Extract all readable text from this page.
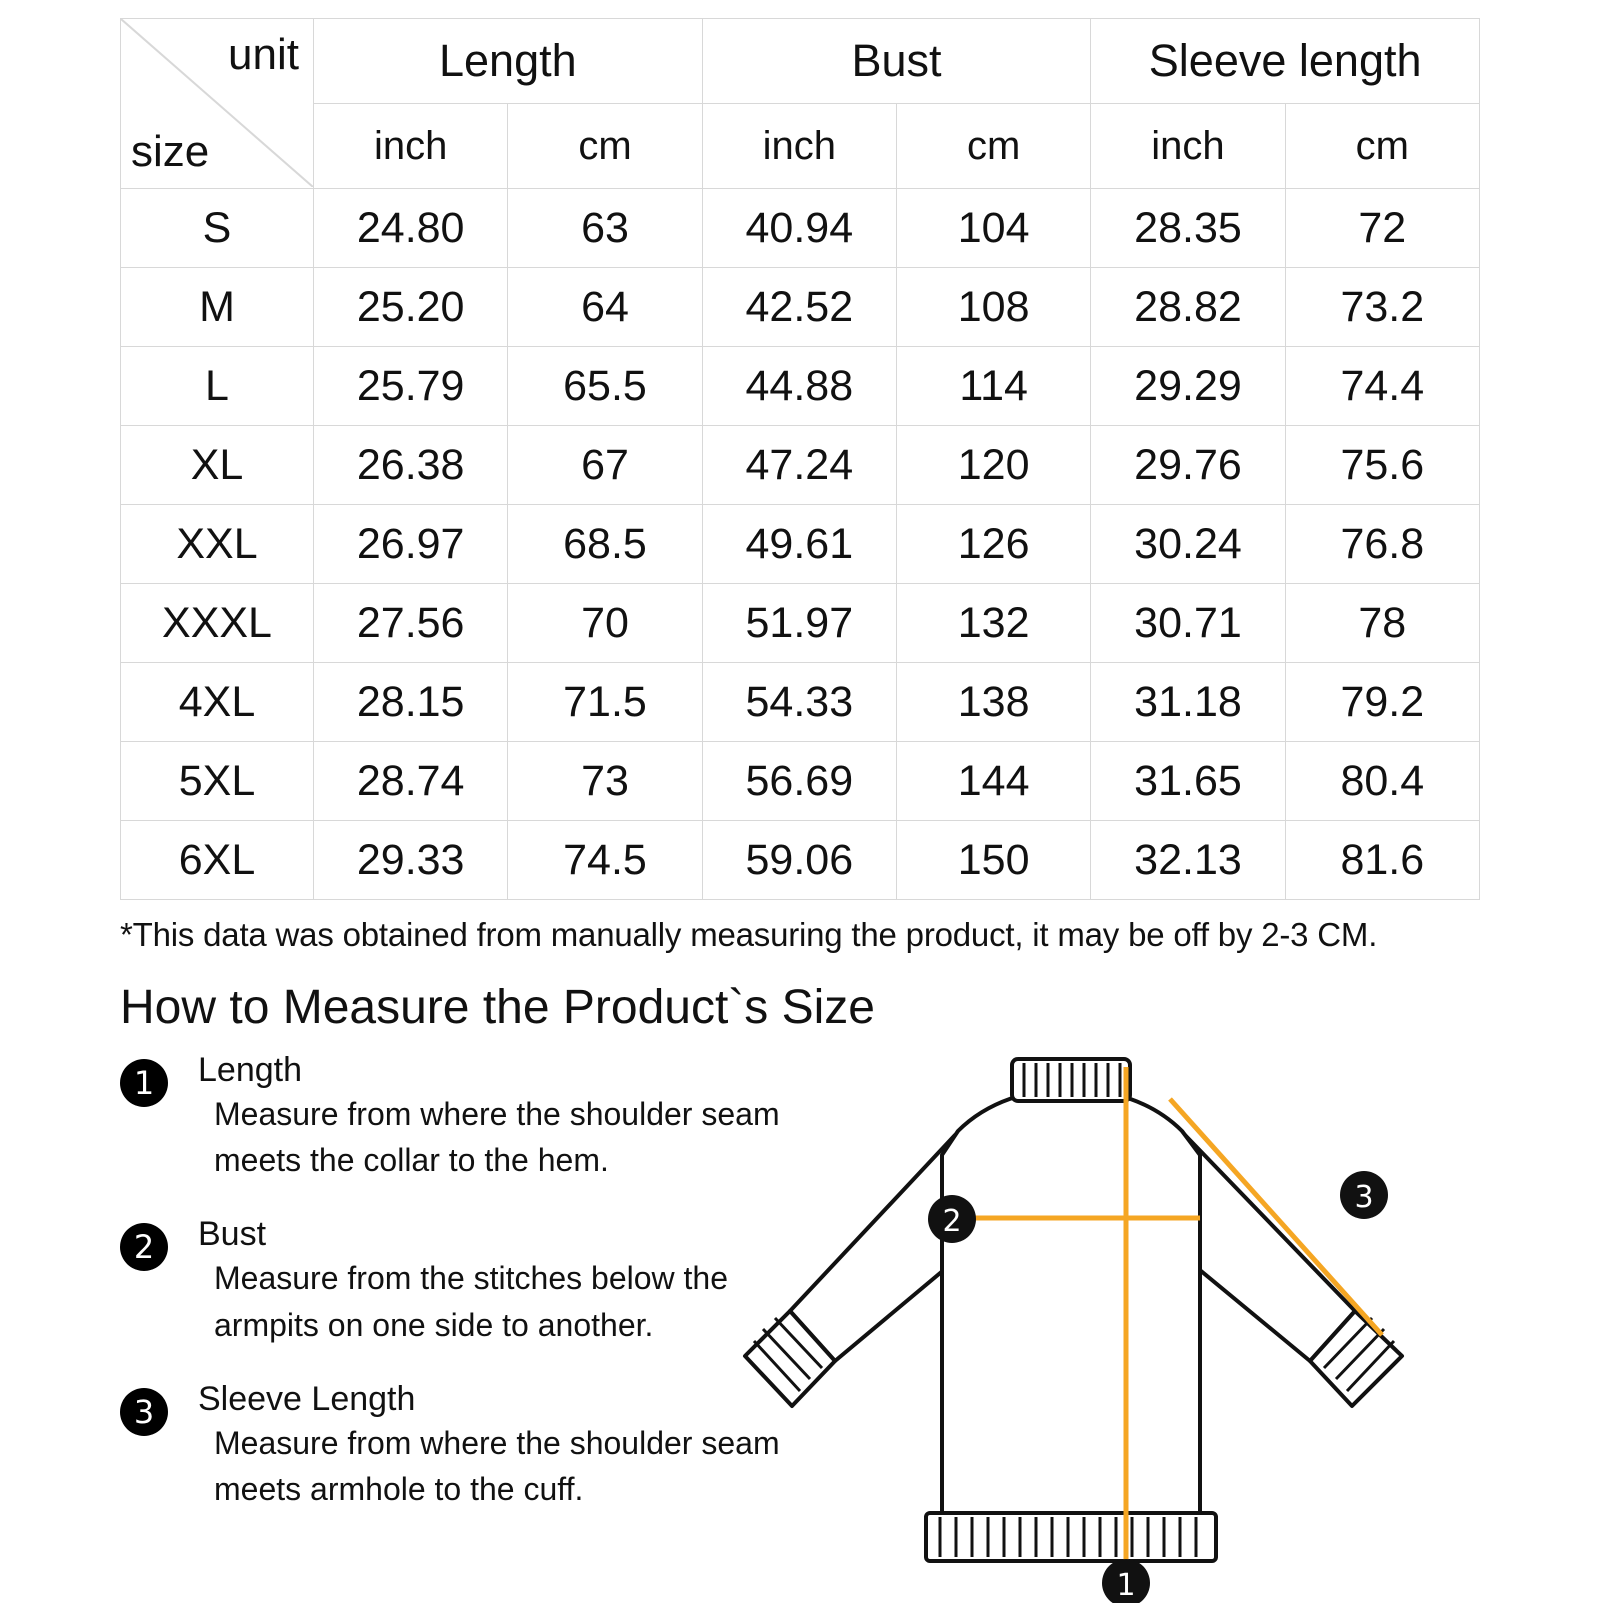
unit
size	Length		Bust		Sleeve length	
	inch	cm	inch	cm	inch	cm
S	24.80	63	40.94	104	28.35	72
M	25.20	64	42.52	108	28.82	73.2
L	25.79	65.5	44.88	114	29.29	74.4
XL	26.38	67	47.24	120	29.76	75.6
XXL	26.97	68.5	49.61	126	30.24	76.8
XXXL	27.56	70	51.97	132	30.71	78
4XL	28.15	71.5	54.33	138	31.18	79.2
5XL	28.74	73	56.69	144	31.65	80.4
6XL	29.33	74.5	59.06	150	32.13	81.6
*This data was obtained from manually measuring the product, it may be off by 2-3 CM.
How to Measure the Product`s Size
1	Length
Measure from where the shoulder seam meets the collar to the hem.
2	Bust
Measure from the stitches below the armpits on one side to another.
3	Sleeve Length
Measure from where the shoulder seam meets armhole to the cuff.
2
3
1
